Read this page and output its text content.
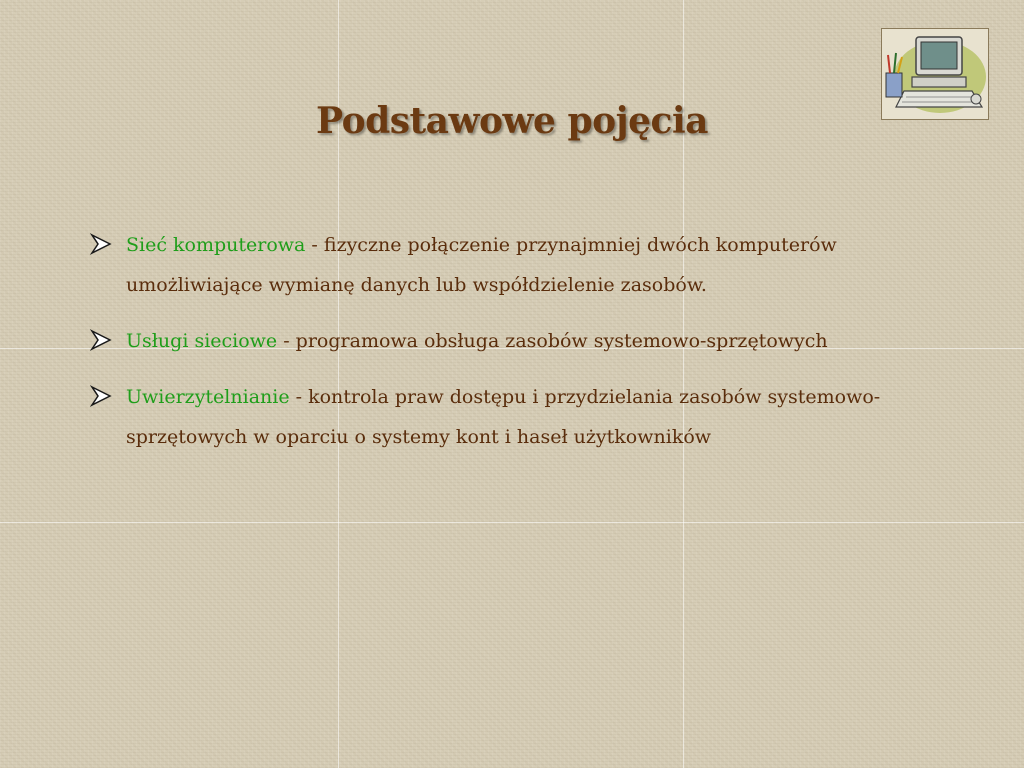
Podstawowe pojęcia
Sieć komputerowa - fizyczne połączenie przynajmniej dwóch komputerów umożliwiające wymianę danych lub współdzielenie zasobów.
Usługi sieciowe - programowa obsługa zasobów systemowo-sprzętowych
Uwierzytelnianie - kontrola praw dostępu i przydzielania zasobów systemowo-sprzętowych w oparciu o systemy kont i haseł użytkowników
